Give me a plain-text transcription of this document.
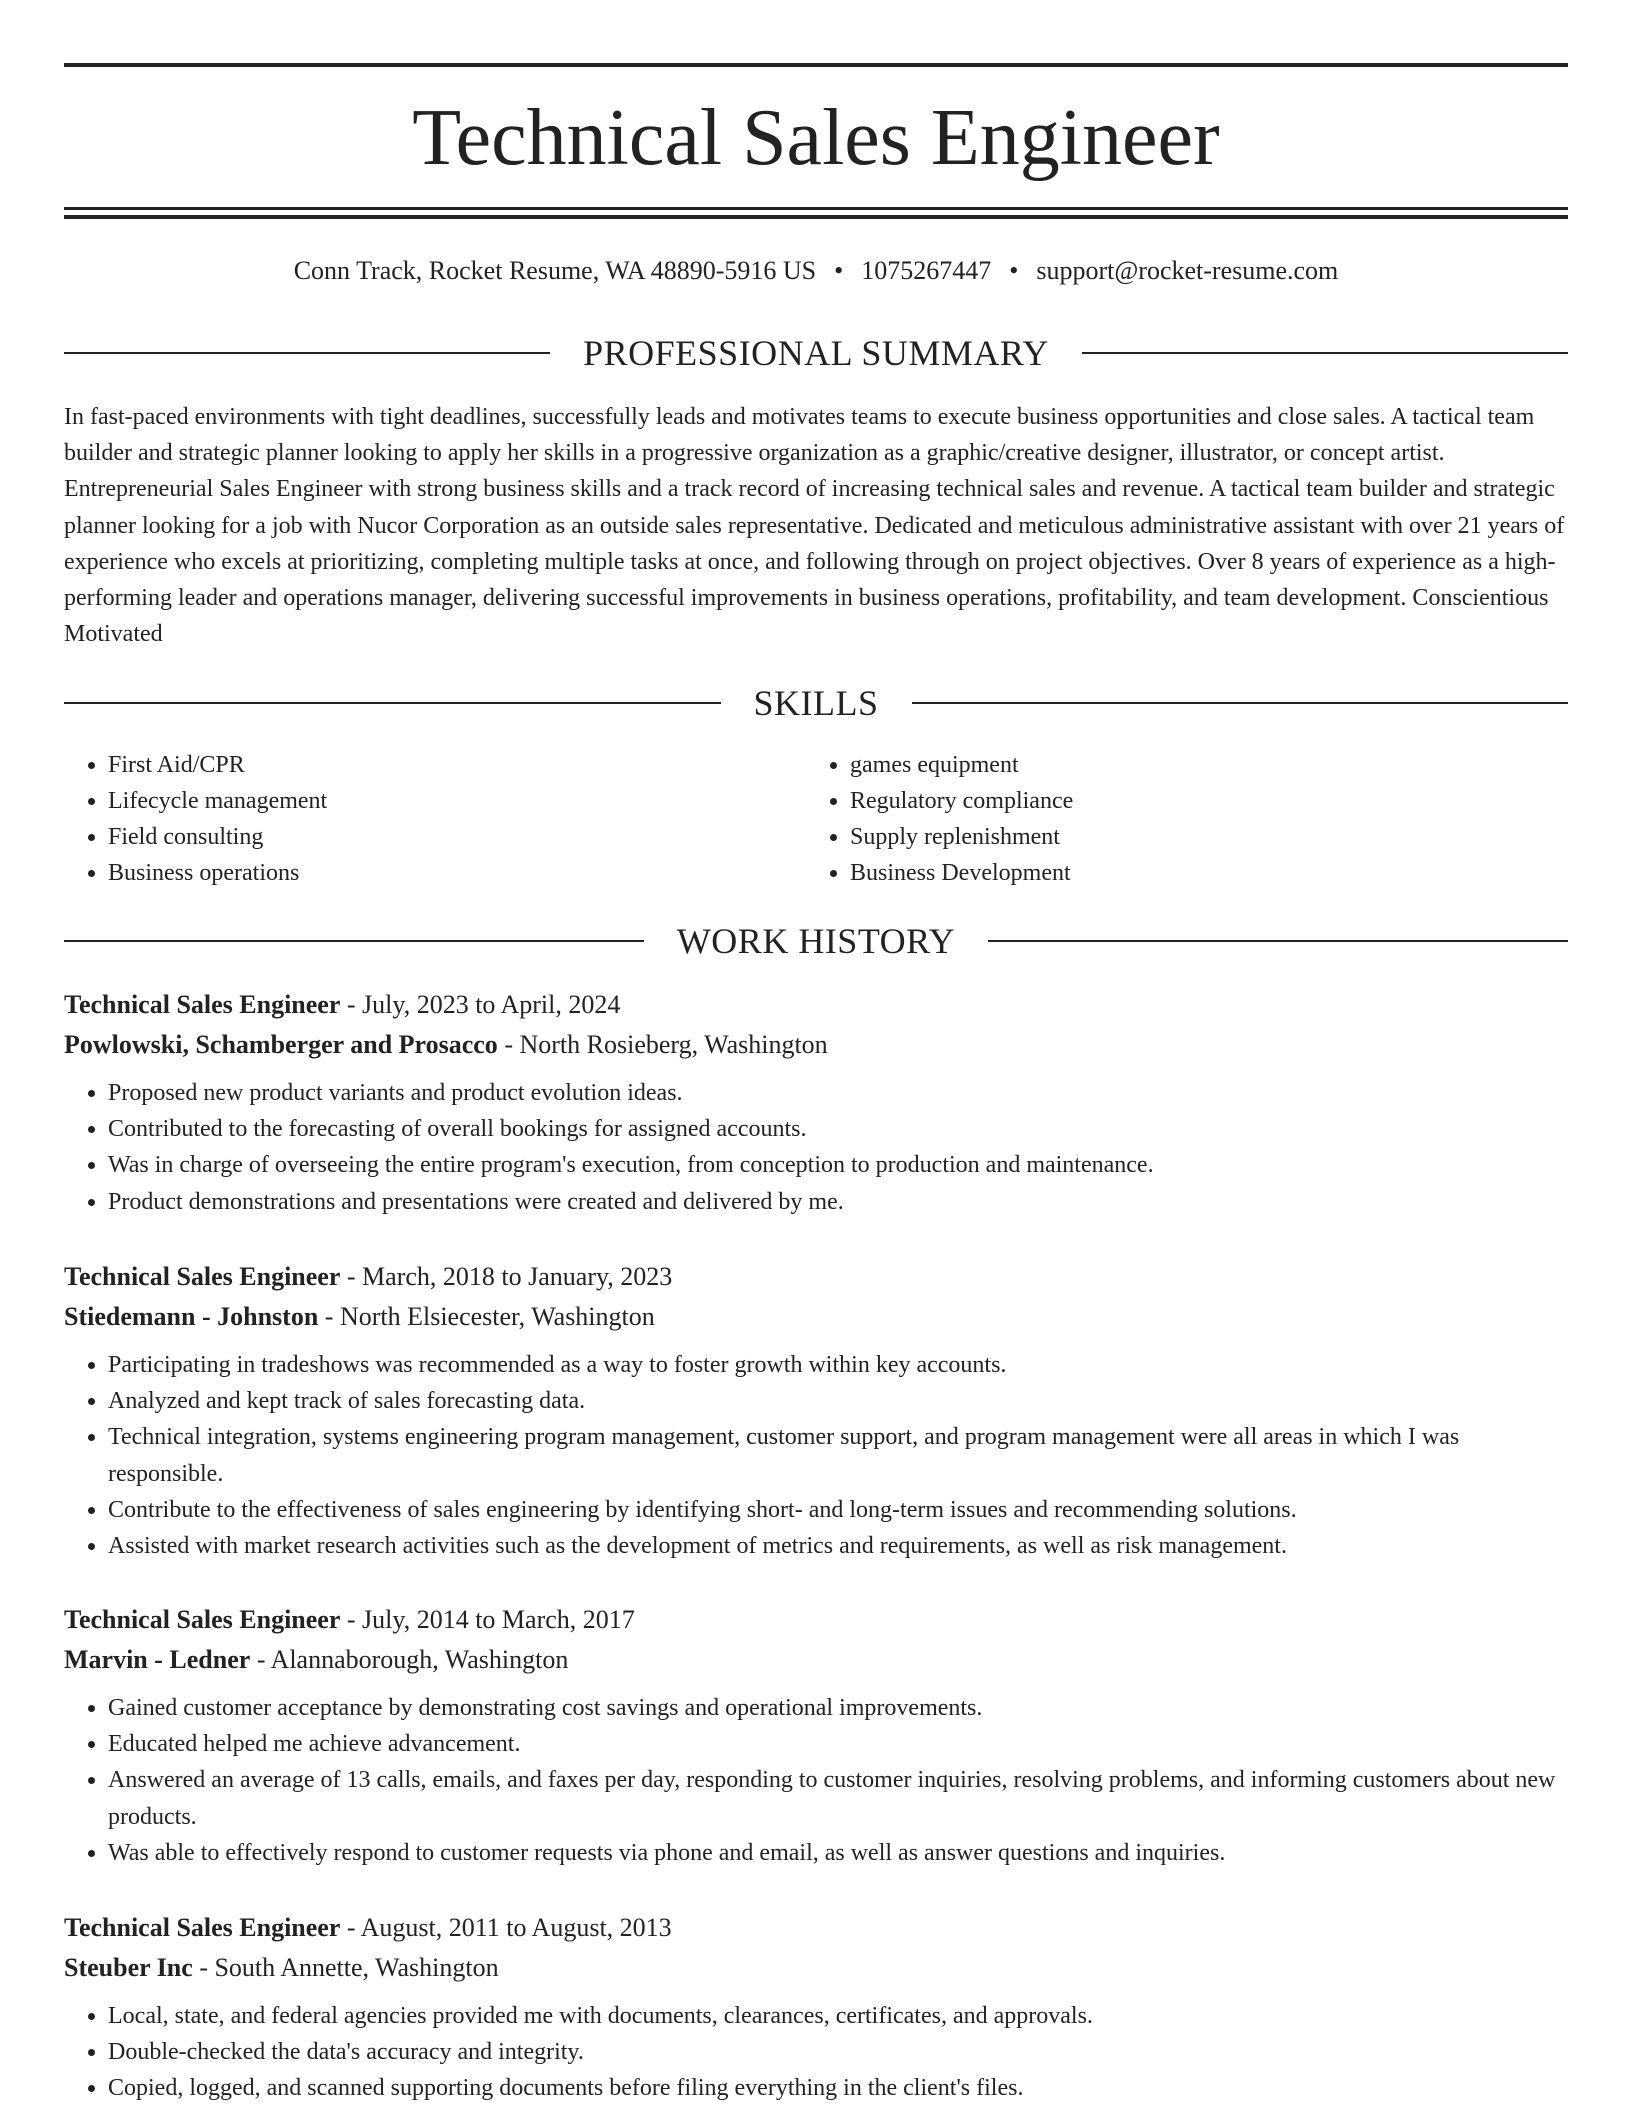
Technical Sales Engineer
Conn Track, Rocket Resume, WA 48890-5916 US • 1075267447 • support@rocket-resume.com
PROFESSIONAL SUMMARY

In fast-paced environments with tight deadlines, successfully leads and motivates teams to execute business opportunities and close sales. A tactical team builder and strategic planner looking to apply her skills in a progressive organization as a graphic/creative designer, illustrator, or concept artist. Entrepreneurial Sales Engineer with strong business skills and a track record of increasing technical sales and revenue. A tactical team builder and strategic planner looking for a job with Nucor Corporation as an outside sales representative. Dedicated and meticulous administrative assistant with over 21 years of experience who excels at prioritizing, completing multiple tasks at once, and following through on project objectives. Over 8 years of experience as a high-performing leader and operations manager, delivering successful improvements in business operations, profitability, and team development. Conscientious Motivated

SKILLS
• First Aid/CPR
• Lifecycle management
• Field consulting
• Business operations
• games equipment
• Regulatory compliance
• Supply replenishment
• Business Development
WORK HISTORY
Technical Sales Engineer - July, 2023 to April, 2024
Powlowski, Schamberger and Prosacco - North Rosieberg, Washington
• Proposed new product variants and product evolution ideas.
• Contributed to the forecasting of overall bookings for assigned accounts.
• Was in charge of overseeing the entire program's execution, from conception to production and maintenance.
• Product demonstrations and presentations were created and delivered by me.
Technical Sales Engineer - March, 2018 to January, 2023
Stiedemann - Johnston - North Elsiecester, Washington
• Participating in tradeshows was recommended as a way to foster growth within key accounts.
• Analyzed and kept track of sales forecasting data.
• Technical integration, systems engineering program management, customer support, and program management were all areas in which I was responsible.
• Contribute to the effectiveness of sales engineering by identifying short- and long-term issues and recommending solutions.
• Assisted with market research activities such as the development of metrics and requirements, as well as risk management.
Technical Sales Engineer - July, 2014 to March, 2017
Marvin - Ledner - Alannaborough, Washington
• Gained customer acceptance by demonstrating cost savings and operational improvements.
• Educated helped me achieve advancement.
• Answered an average of 13 calls, emails, and faxes per day, responding to customer inquiries, resolving problems, and informing customers about new products.
• Was able to effectively respond to customer requests via phone and email, as well as answer questions and inquiries.
Technical Sales Engineer - August, 2011 to August, 2013
Steuber Inc - South Annette, Washington
• Local, state, and federal agencies provided me with documents, clearances, certificates, and approvals.
• Double-checked the data's accuracy and integrity.
• Copied, logged, and scanned supporting documents before filing everything in the client's files.
